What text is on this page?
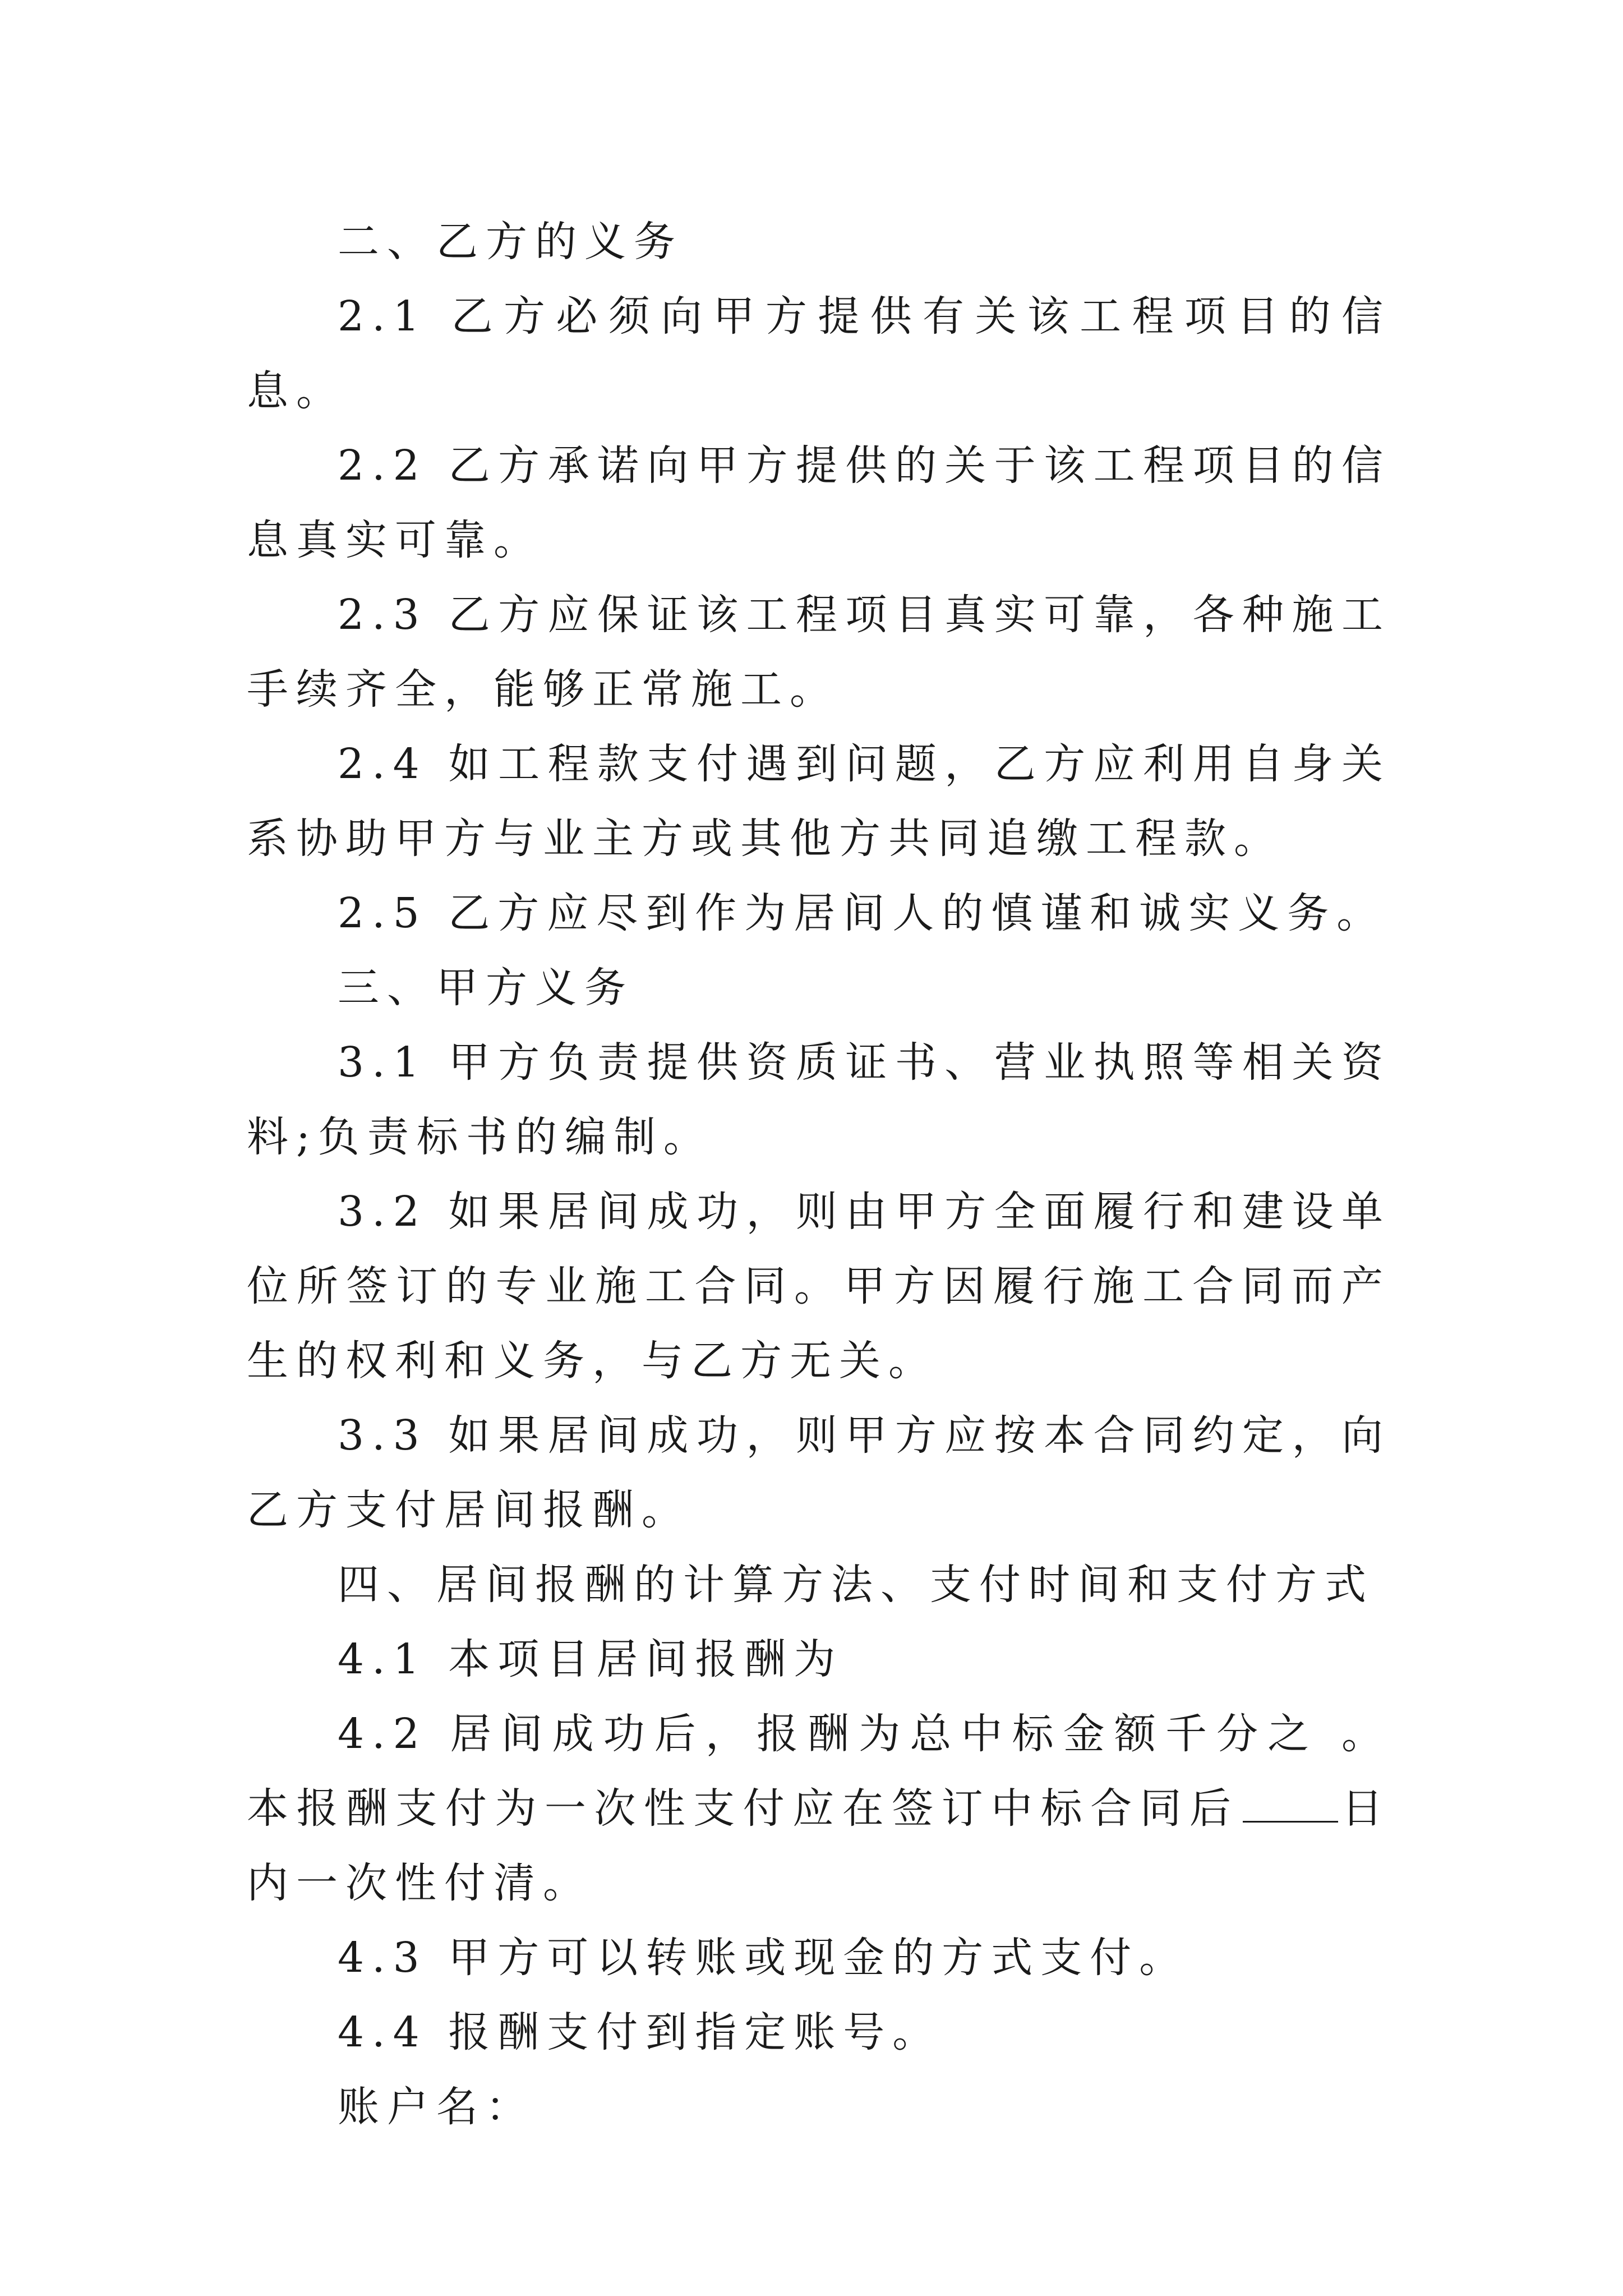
二、乙方的义务

2.1 乙方必须向甲方提供有关该工程项目的信息。

2.2 乙方承诺向甲方提供的关于该工程项目的信息真实可靠。

2.3 乙方应保证该工程项目真实可靠，各种施工手续齐全，能够正常施工。

2.4 如工程款支付遇到问题，乙方应利用自身关系协助甲方与业主方或其他方共同追缴工程款。

2.5 乙方应尽到作为居间人的慎谨和诚实义务。

三、甲方义务

3.1 甲方负责提供资质证书、营业执照等相关资料;负责标书的编制。

3.2 如果居间成功，则由甲方全面履行和建设单位所签订的专业施工合同。甲方因履行施工合同而产生的权利和义务，与乙方无关。

3.3 如果居间成功，则甲方应按本合同约定，向乙方支付居间报酬。

四、居间报酬的计算方法、支付时间和支付方式

4.1 本项目居间报酬为

4.2 居间成功后，报酬为总中标金额千分之 。本报酬支付为一次性支付应在签订中标合同后 日内一次性付清。

4.3 甲方可以转账或现金的方式支付。

4.4 报酬支付到指定账号。

账户名：
